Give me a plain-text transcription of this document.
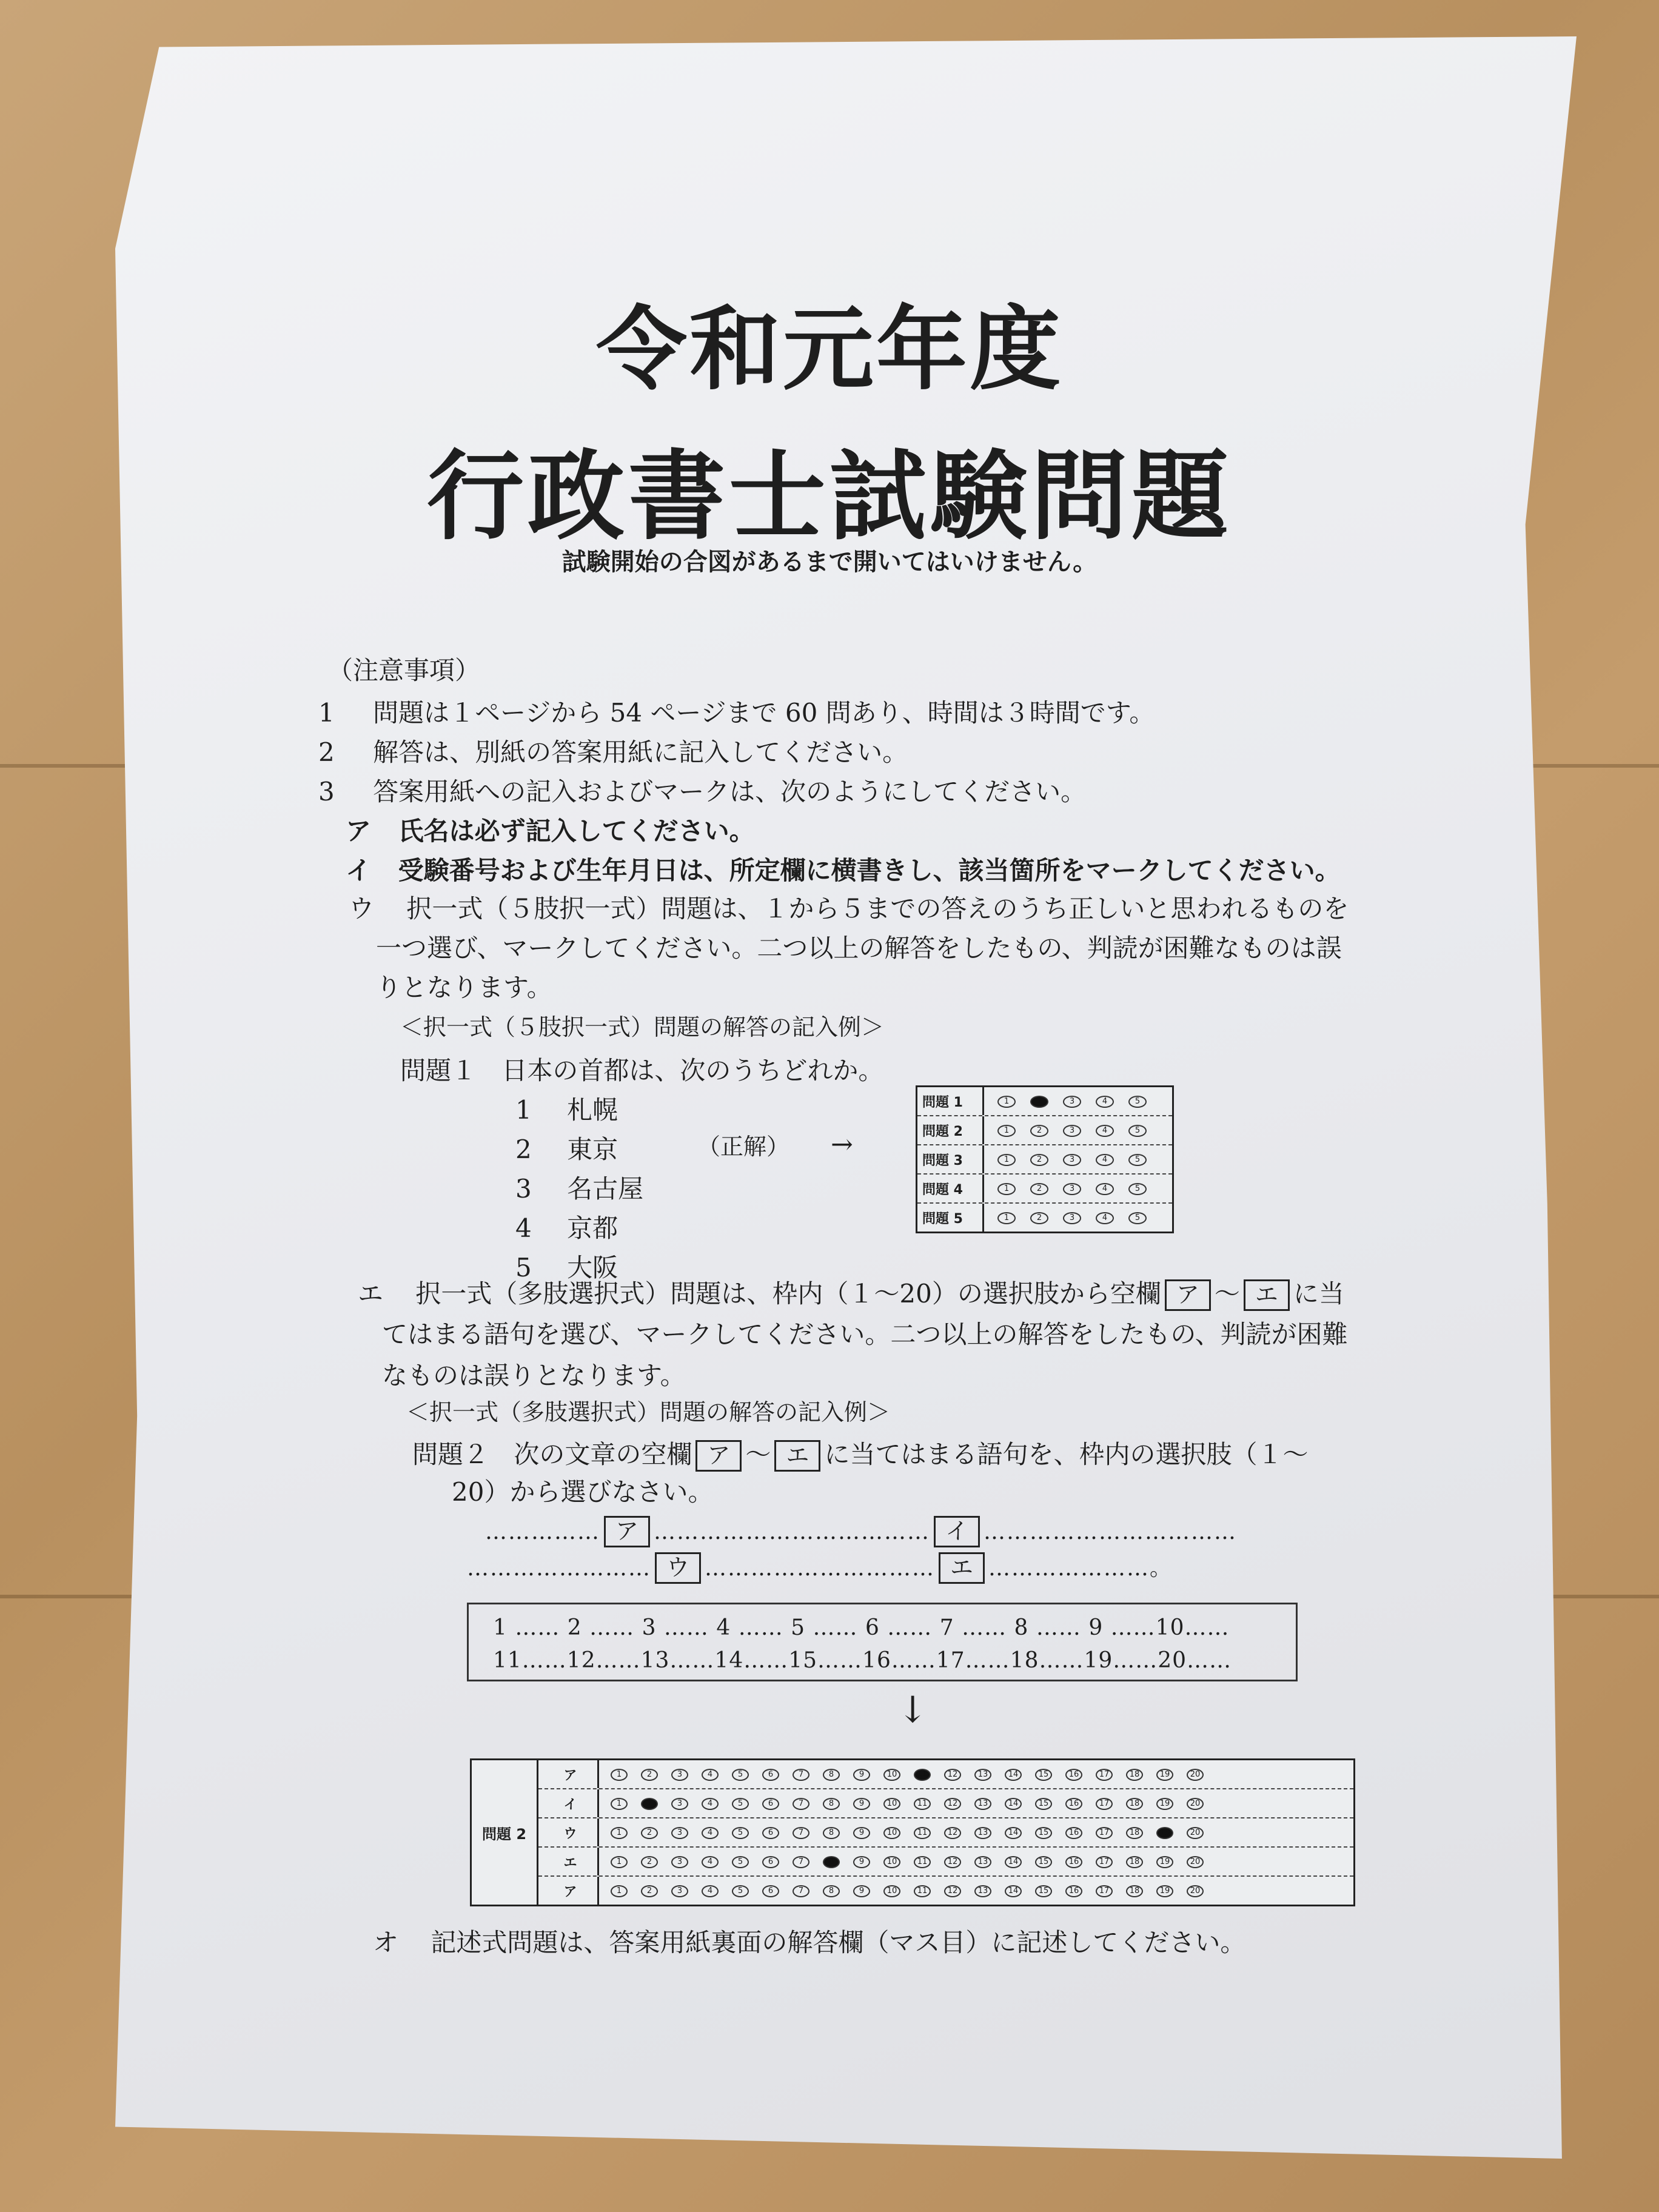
令和元年度
行政書士試験問題
試験開始の合図があるまで開いてはいけません。
（注意事項）
1 問題は１ページから 54 ページまで 60 問あり、時間は３時間です。
2 解答は、別紙の答案用紙に記入してください。
3 答案用紙への記入およびマークは、次のようにしてください。
ア 氏名は必ず記入してください。
イ 受験番号および生年月日は、所定欄に横書きし、該当箇所をマークしてください。
ウ 択一式（５肢択一式）問題は、１から５までの答えのうち正しいと思われるものを
一つ選び、マークしてください。二つ以上の解答をしたもの、判読が困難なものは誤
りとなります。
＜択一式（５肢択一式）問題の解答の記入例＞
問題１ 日本の首都は、次のうちどれか。
1 札幌
2 東京
3 名古屋
4 京都
5 大阪
（正解） →
問題 1	1	2	3	4	5
問題 2	1	2	3	4	5
問題 3	1	2	3	4	5
問題 4	1	2	3	4	5
問題 5	1	2	3	4	5
エ 択一式（多肢選択式）問題は、枠内（１～20）の選択肢から空欄 ア ～ エ に当
てはまる語句を選び、マークしてください。二つ以上の解答をしたもの、判読が困難
なものは誤りとなります。
＜択一式（多肢選択式）問題の解答の記入例＞
問題２ 次の文章の空欄 ア ～ エ に当てはまる語句を、枠内の選択肢（１～
20）から選びなさい。
…………… ア ……………………………… イ ……………………………
…………………… ウ ………………………… エ …………………。
1 …… 2 …… 3 …… 4 …… 5 …… 6 …… 7 …… 8 …… 9 ……10……
11……12……13……14……15……16……17……18……19……20……
↓
問題 2
ア	1	2	3	4	5	6	7	8	9	10	11	12	13	14	15	16	17	18	19	20
イ	1	2	3	4	5	6	7	8	9	10	11	12	13	14	15	16	17	18	19	20
ウ	1	2	3	4	5	6	7	8	9	10	11	12	13	14	15	16	17	18	19	20
エ	1	2	3	4	5	6	7	8	9	10	11	12	13	14	15	16	17	18	19	20
ア	1	2	3	4	5	6	7	8	9	10	11	12	13	14	15	16	17	18	19	20
オ 記述式問題は、答案用紙裏面の解答欄（マス目）に記述してください。
